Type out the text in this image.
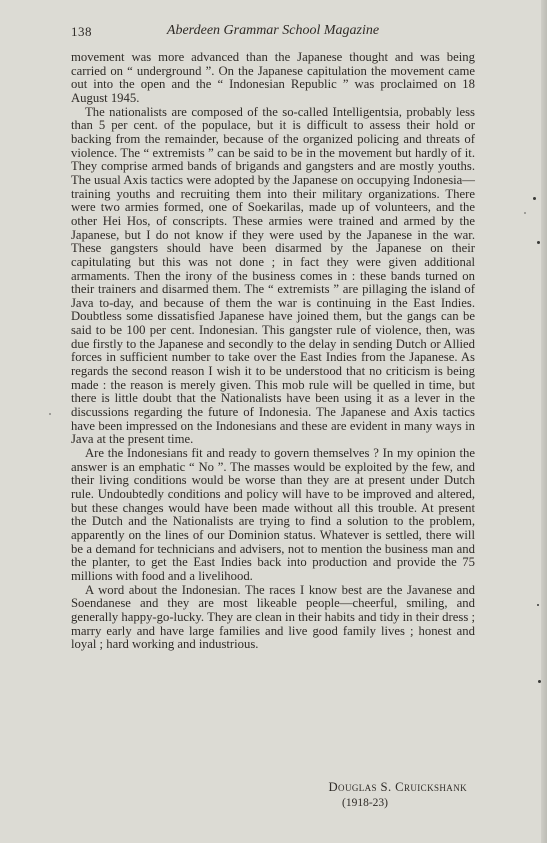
138	Aberdeen Grammar School Magazine

movement was more advanced than the Japanese thought and was being carried on “ underground ”. On the Japanese capitulation the movement came out into the open and the “ Indonesian Republic ” was proclaimed on 18 August 1945.

The nationalists are composed of the so-called Intelligentsia, probably less than 5 per cent. of the populace, but it is difficult to assess their hold or backing from the remainder, because of the organized policing and threats of violence. The “ extremists ” can be said to be in the movement but hardly of it. They comprise armed bands of brigands and gangsters and are mostly youths. The usual Axis tactics were adopted by the Japanese on occupying Indonesia—training youths and recruiting them into their military organizations. There were two armies formed, one of Soekarilas, made up of volunteers, and the other Hei Hos, of conscripts. These armies were trained and armed by the Japanese, but I do not know if they were used by the Japanese in the war. These gangsters should have been disarmed by the Japanese on their capitulating but this was not done ; in fact they were given additional armaments. Then the irony of the business comes in : these bands turned on their trainers and disarmed them. The “ extremists ” are pillaging the island of Java to-day, and because of them the war is continuing in the East Indies. Doubtless some dissatisfied Japanese have joined them, but the gangs can be said to be 100 per cent. Indonesian. This gangster rule of violence, then, was due firstly to the Japanese and secondly to the delay in sending Dutch or Allied forces in sufficient number to take over the East Indies from the Japanese. As regards the second reason I wish it to be understood that no criticism is being made : the reason is merely given. This mob rule will be quelled in time, but there is little doubt that the Nationalists have been using it as a lever in the discussions regarding the future of Indonesia. The Japanese and Axis tactics have been impressed on the Indonesians and these are evident in many ways in Java at the present time.

Are the Indonesians fit and ready to govern themselves ? In my opinion the answer is an emphatic “ No ”. The masses would be exploited by the few, and their living conditions would be worse than they are at present under Dutch rule. Undoubtedly conditions and policy will have to be improved and altered, but these changes would have been made without all this trouble. At present the Dutch and the Nationalists are trying to find a solution to the problem, apparently on the lines of our Dominion status. Whatever is settled, there will be a demand for technicians and advisers, not to mention the business man and the planter, to get the East Indies back into production and provide the 75 millions with food and a livelihood.

A word about the Indonesian. The races I know best are the Javanese and Soendanese and they are most likeable people—cheerful, smiling, and generally happy-go-lucky. They are clean in their habits and tidy in their dress ; marry early and have large families and live good family lives ; honest and loyal ; hard working and industrious.

Douglas S. Cruickshank
(1918-23)
